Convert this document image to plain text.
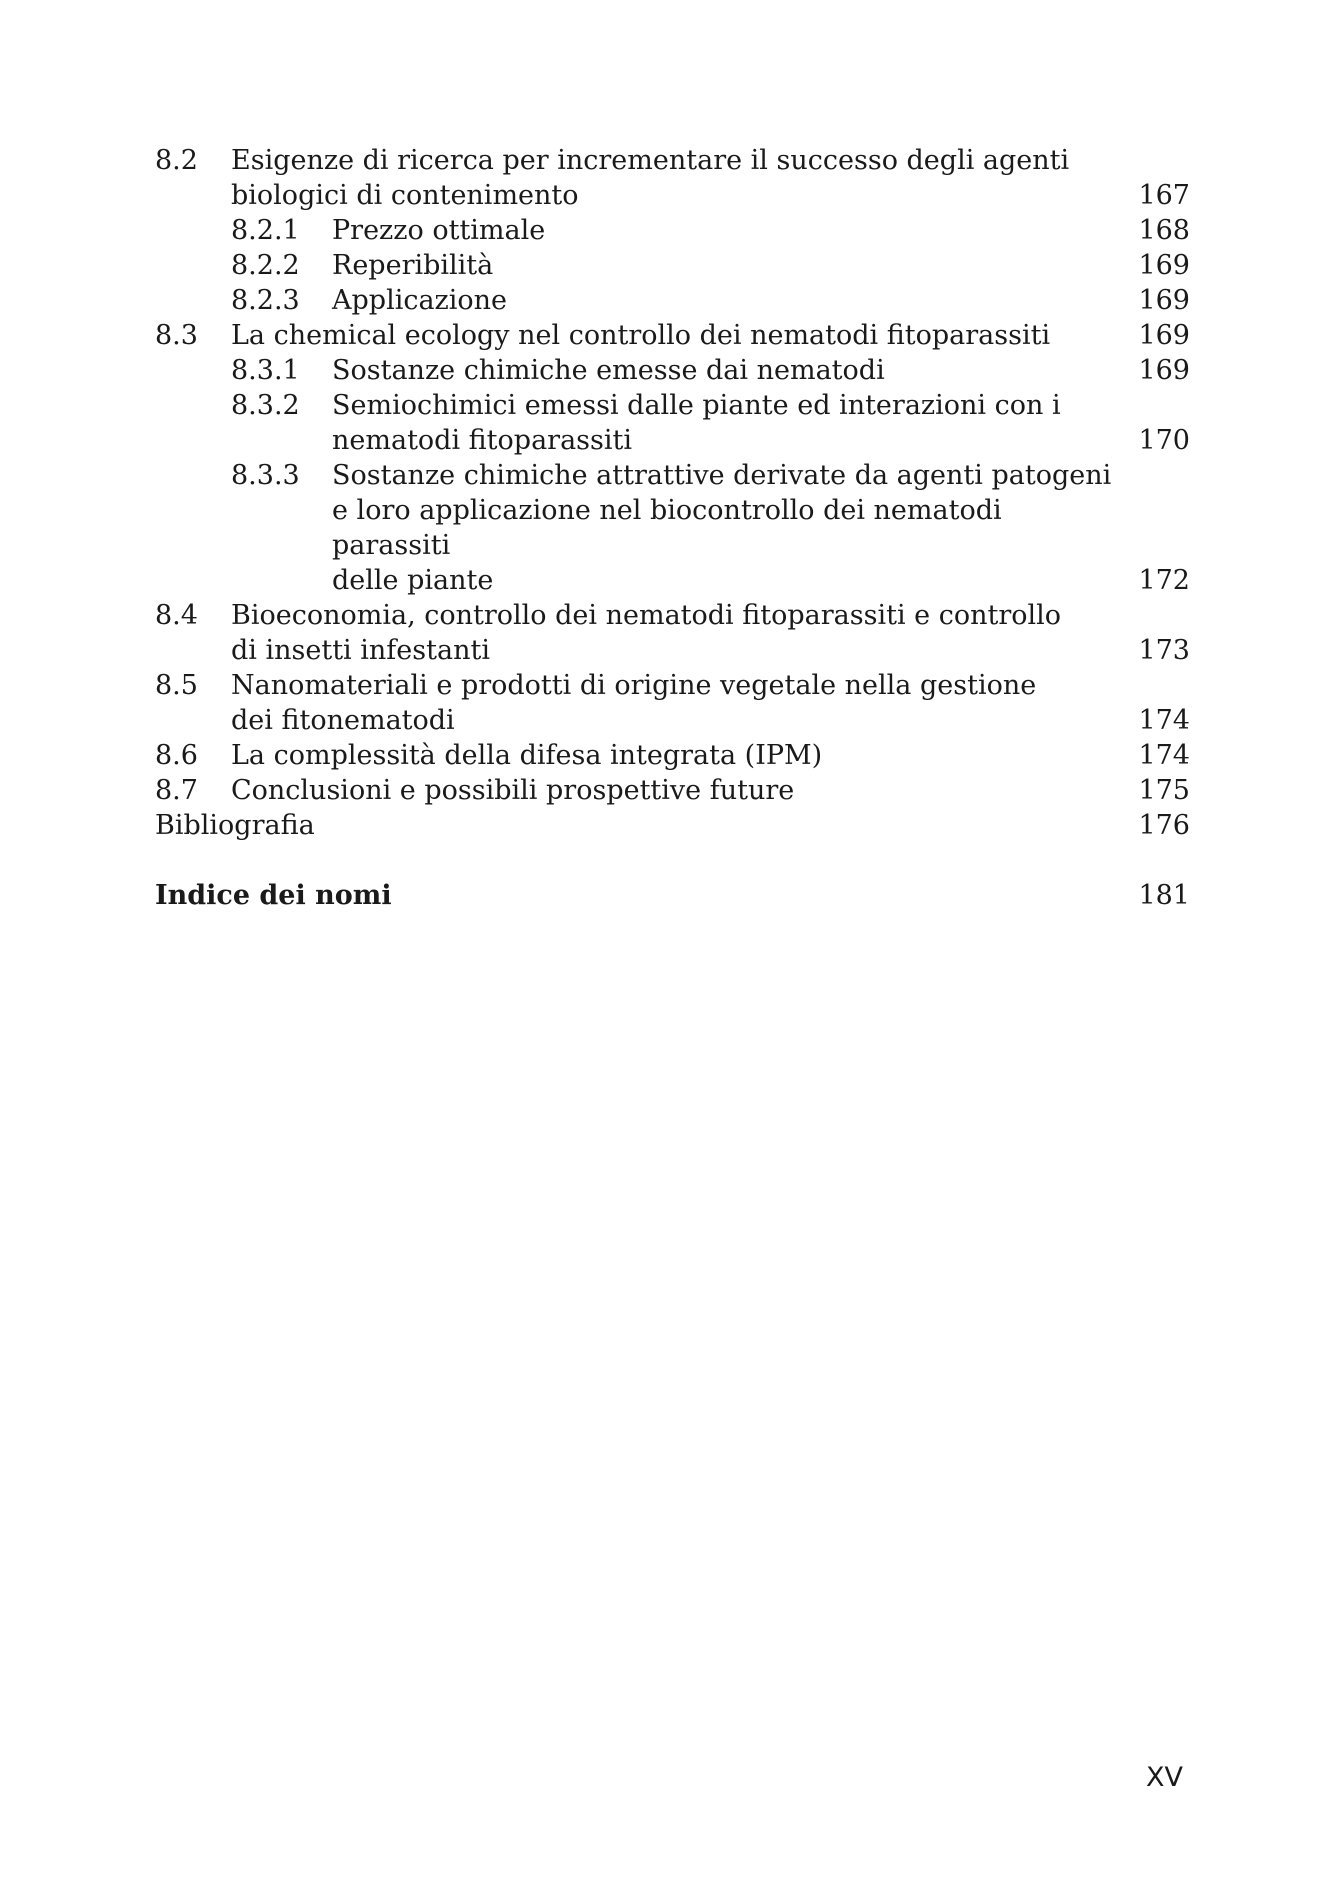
8.2	Esigenze di ricerca per incrementare il successo degli agenti
biologici di contenimento	167
8.2.1	Prezzo ottimale	168
8.2.2	Reperibilità	169
8.2.3	Applicazione	169
8.3	La chemical ecology nel controllo dei nematodi fitoparassiti	169
8.3.1	Sostanze chimiche emesse dai nematodi	169
8.3.2	Semiochimici emessi dalle piante ed interazioni con i
nematodi fitoparassiti	170
8.3.3	Sostanze chimiche attrattive derivate da agenti patogeni
e loro applicazione nel biocontrollo dei nematodi parassiti
delle piante	172
8.4	Bioeconomia, controllo dei nematodi fitoparassiti e controllo
di insetti infestanti	173
8.5	Nanomateriali e prodotti di origine vegetale nella gestione
dei fitonematodi	174
8.6	La complessità della difesa integrata (IPM)	174
8.7	Conclusioni e possibili prospettive future	175
Bibliografia	176
Indice dei nomi	181
XV
